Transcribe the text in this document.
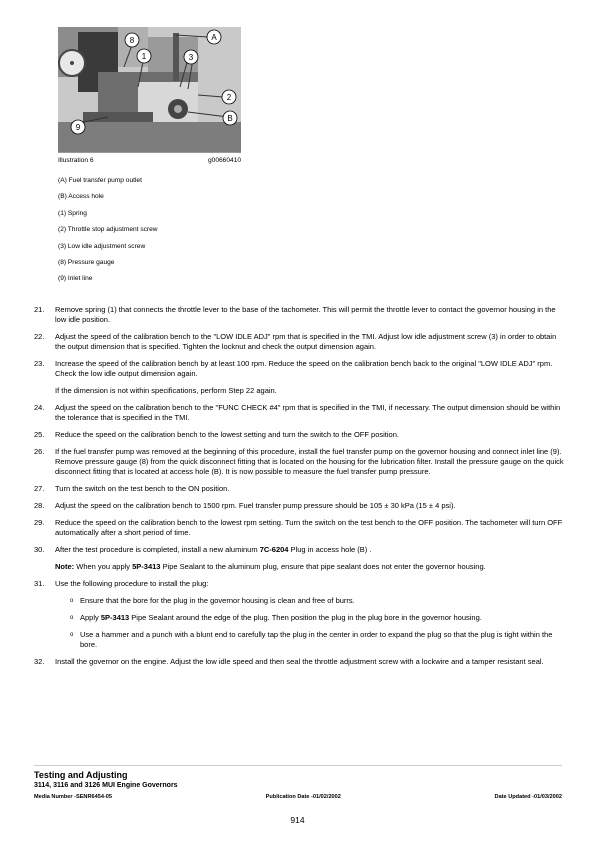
A
B
1
2
3
8
9
Illustration 6	g00660410
(A) Fuel transfer pump outlet
(B) Access hole
(1) Spring
(2) Throttle stop adjustment screw
(3) Low idle adjustment screw
(8) Pressure gauge
(9) Inlet line
21.	Remove spring (1) that connects the throttle lever to the base of the tachometer. This will permit the throttle lever to contact the governor housing in the low idle position.
22.	Adjust the speed of the calibration bench to the "LOW IDLE ADJ" rpm that is specified in the TMI. Adjust low idle adjustment screw (3) in order to obtain the output dimension that is specified. Tighten the locknut and check the output dimension again.
23.	Increase the speed of the calibration bench by at least 100 rpm. Reduce the speed on the calibration bench back to the original "LOW IDLE ADJ" rpm. Check the low idle output dimension again.
If the dimension is not within specifications, perform Step 22 again.
24.	Adjust the speed on the calibration bench to the "FUNC CHECK #4" rpm that is specified in the TMI, if necessary. The output dimension should be within the tolerance that is specified in the TMI.
25.	Reduce the speed on the calibration bench to the lowest setting and turn the switch to the OFF position.
26.	If the fuel transfer pump was removed at the beginning of this procedure, install the fuel transfer pump on the governor housing and connect inlet line (9). Remove pressure gauge (8) from the quick disconnect fitting that is located on the housing for the lubrication filter. Install the pressure gauge on the quick disconnect fitting that is located at access hole (B). It is now possible to measure the fuel transfer pump pressure.
27.	Turn the switch on the test bench to the ON position.
28.	Adjust the speed on the calibration bench to 1500 rpm. Fuel transfer pump pressure should be 105 ± 30 kPa (15 ± 4 psi).
29.	Reduce the speed on the calibration bench to the lowest rpm setting. Turn the switch on the test bench to the OFF position. The tachometer will turn OFF automatically after a short period of time.
30.	After the test procedure is completed, install a new aluminum 7C-6204 Plug in access hole (B) .
Note: When you apply 5P-3413 Pipe Sealant to the aluminum plug, ensure that pipe sealant does not enter the governor housing.
31.	Use the following procedure to install the plug:
o Ensure that the bore for the plug in the governor housing is clean and free of burrs.
o Apply 5P-3413 Pipe Sealant around the edge of the plug. Then position the plug in the plug bore in the governor housing.
o Use a hammer and a punch with a blunt end to carefully tap the plug in the center in order to expand the plug so that the plug is tight within the bore.
32.	Install the governor on the engine. Adjust the low idle speed and then seal the throttle adjustment screw with a lockwire and a tamper resistant seal.
Testing and Adjusting
3114, 3116 and 3126 MUI Engine Governors
Media Number -SENR6454-05	Publication Date -01/02/2002	Date Updated -01/03/2002
914
